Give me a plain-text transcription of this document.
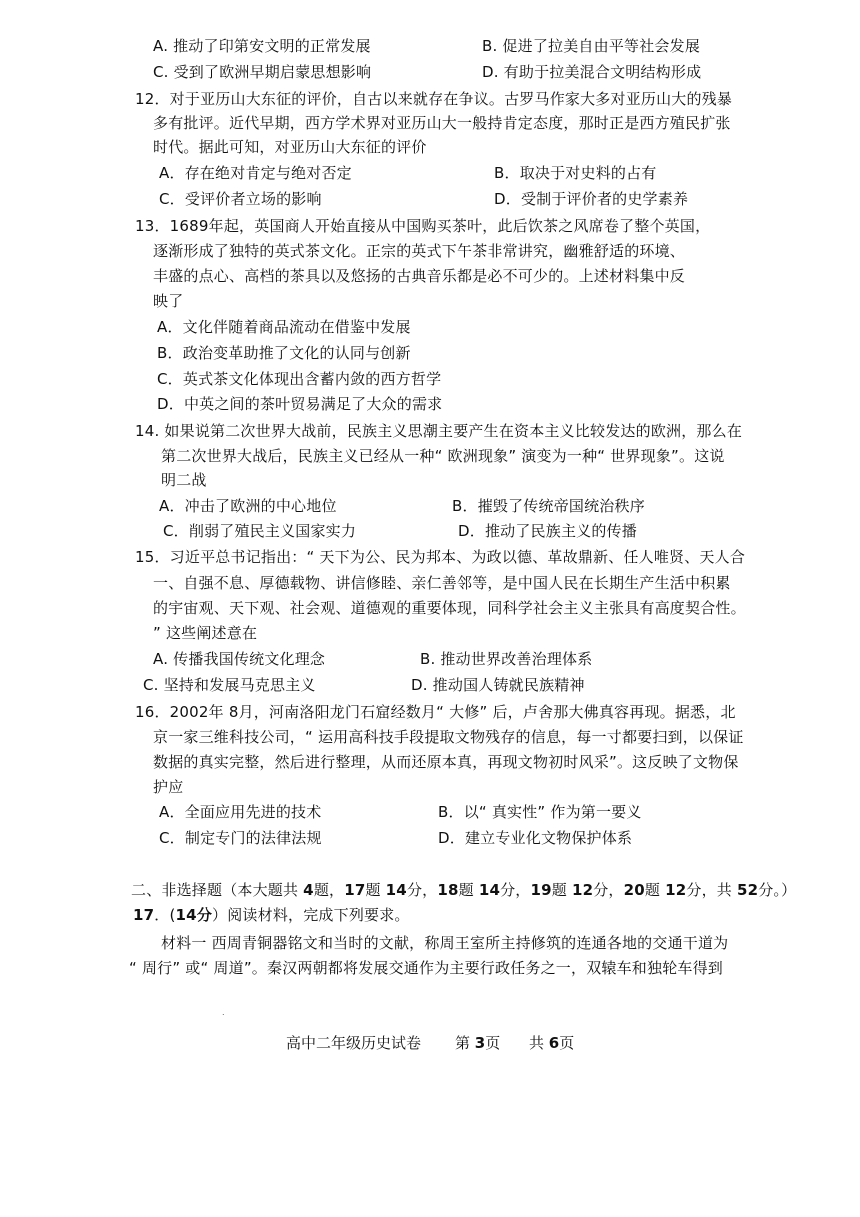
A. 推动了印第安文明的正常发展	B. 促进了拉美自由平等社会发展
C. 受到了欧洲早期启蒙思想影响	D. 有助于拉美混合文明结构形成
12．对于亚历山大东征的评价，自古以来就存在争议。古罗马作家大多对亚历山大的残暴
多有批评。近代早期，西方学术界对亚历山大一般持肯定态度，那时正是西方殖民扩张
时代。据此可知，对亚历山大东征的评价
A．存在绝对肯定与绝对否定	B．取决于对史料的占有
C．受评价者立场的影响	D．受制于评价者的史学素养
13．1689年起，英国商人开始直接从中国购买茶叶，此后饮茶之风席卷了整个英国，
逐渐形成了独特的英式茶文化。正宗的英式下午茶非常讲究，幽雅舒适的环境、
丰盛的点心、高档的茶具以及悠扬的古典音乐都是必不可少的。上述材料集中反
映了
A．文化伴随着商品流动在借鉴中发展
B．政治变革助推了文化的认同与创新
C．英式茶文化体现出含蓄内敛的西方哲学
D．中英之间的茶叶贸易满足了大众的需求
14. 如果说第二次世界大战前，民族主义思潮主要产生在资本主义比较发达的欧洲，那么在
第二次世界大战后，民族主义已经从一种“ 欧洲现象” 演变为一种“ 世界现象”。这说
明二战
A．冲击了欧洲的中心地位	B．摧毁了传统帝国统治秩序
C．削弱了殖民主义国家实力	D．推动了民族主义的传播
15．习近平总书记指出：“ 天下为公、民为邦本、为政以德、革故鼎新、任人唯贤、天人合
一、自强不息、厚德载物、讲信修睦、亲仁善邻等，是中国人民在长期生产生活中积累
的宇宙观、天下观、社会观、道德观的重要体现，同科学社会主义主张具有高度契合性。
” 这些阐述意在
A. 传播我国传统文化理念	B. 推动世界改善治理体系
C. 坚持和发展马克思主义	D. 推动国人铸就民族精神
16．2002年 8月，河南洛阳龙门石窟经数月“ 大修” 后，卢舍那大佛真容再现。据悉，北
京一家三维科技公司，“ 运用高科技手段提取文物残存的信息，每一寸都要扫到，以保证
数据的真实完整，然后进行整理，从而还原本真，再现文物初时风采”。这反映了文物保
护应
A．全面应用先进的技术	B．以“ 真实性” 作为第一要义
C．制定专门的法律法规	D．建立专业化文物保护体系
二、非选择题（本大题共 4题，17题 14分，18题 14分，19题 12分，20题 12分，共 52分。）
17．(14分）阅读材料，完成下列要求。
材料一 西周青铜器铭文和当时的文献，称周王室所主持修筑的连通各地的交通干道为
“ 周行” 或“ 周道”。秦汉两朝都将发展交通作为主要行政任务之一，双辕车和独轮车得到
.
高中二年级历史试卷 第 3页 共 6页
